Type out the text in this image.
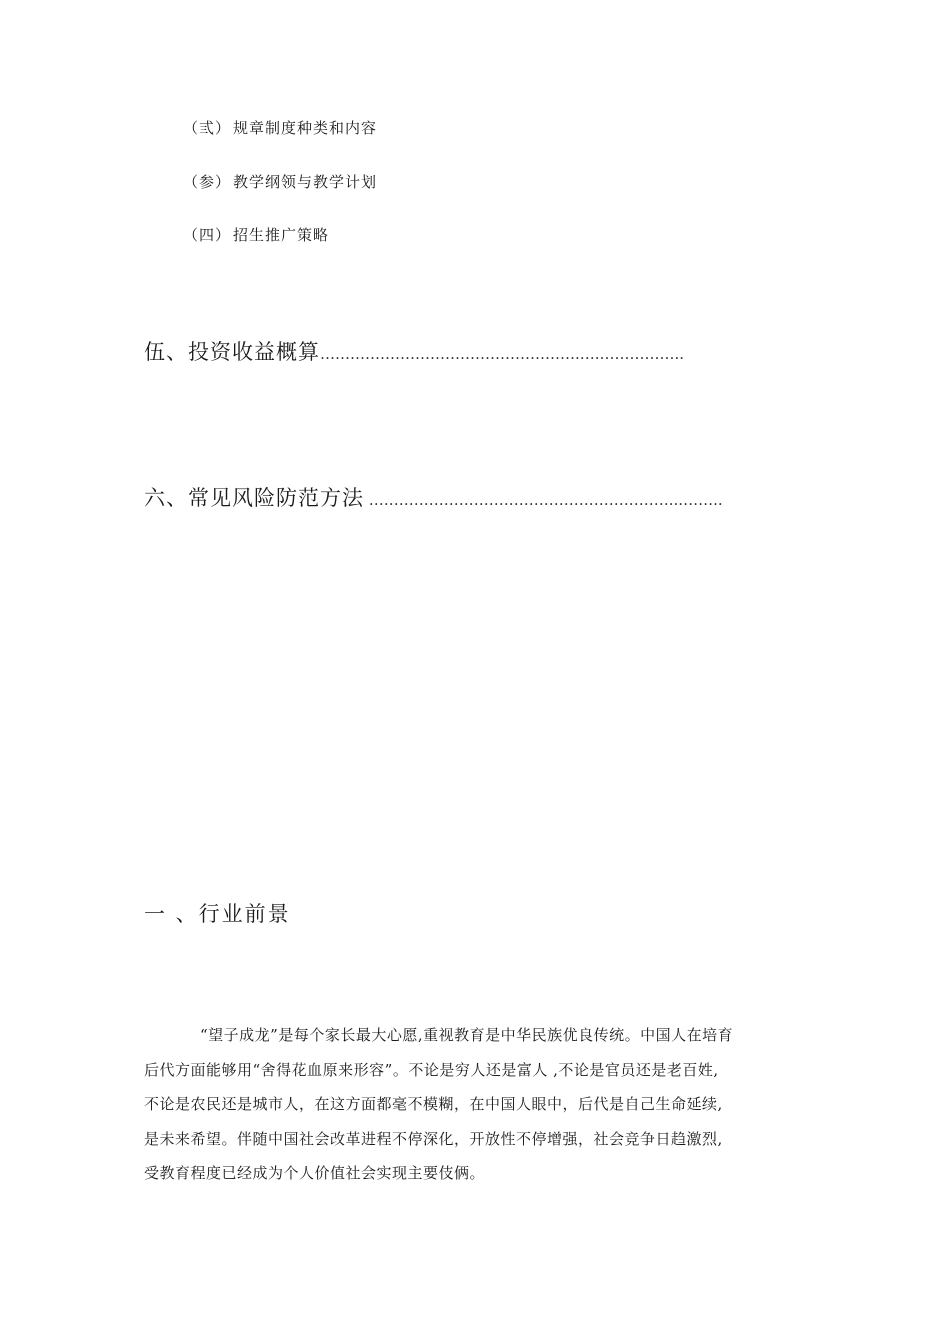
（弎） 规章制度种类和内容
（参） 教学纲领与教学计划
（四） 招生推广策略
伍、投资收益概算…………………………………………….….……………..
六、常见风险防范方法 ……………………………………………………...……..
一 、行业前景
“望子成龙”是每个家长最大心愿,重视教育是中华民族优良传统。中国人在培育
后代方面能够用“舍得花血原来形容”。不论是穷人还是富人 ,不论是官员还是老百姓,
不论是农民还是城市人，在这方面都毫不模糊，在中国人眼中，后代是自己生命延续,
是未来希望。伴随中国社会改革进程不停深化，开放性不停增强，社会竞争日趋激烈,
受教育程度已经成为个人价值社会实现主要伎俩。
